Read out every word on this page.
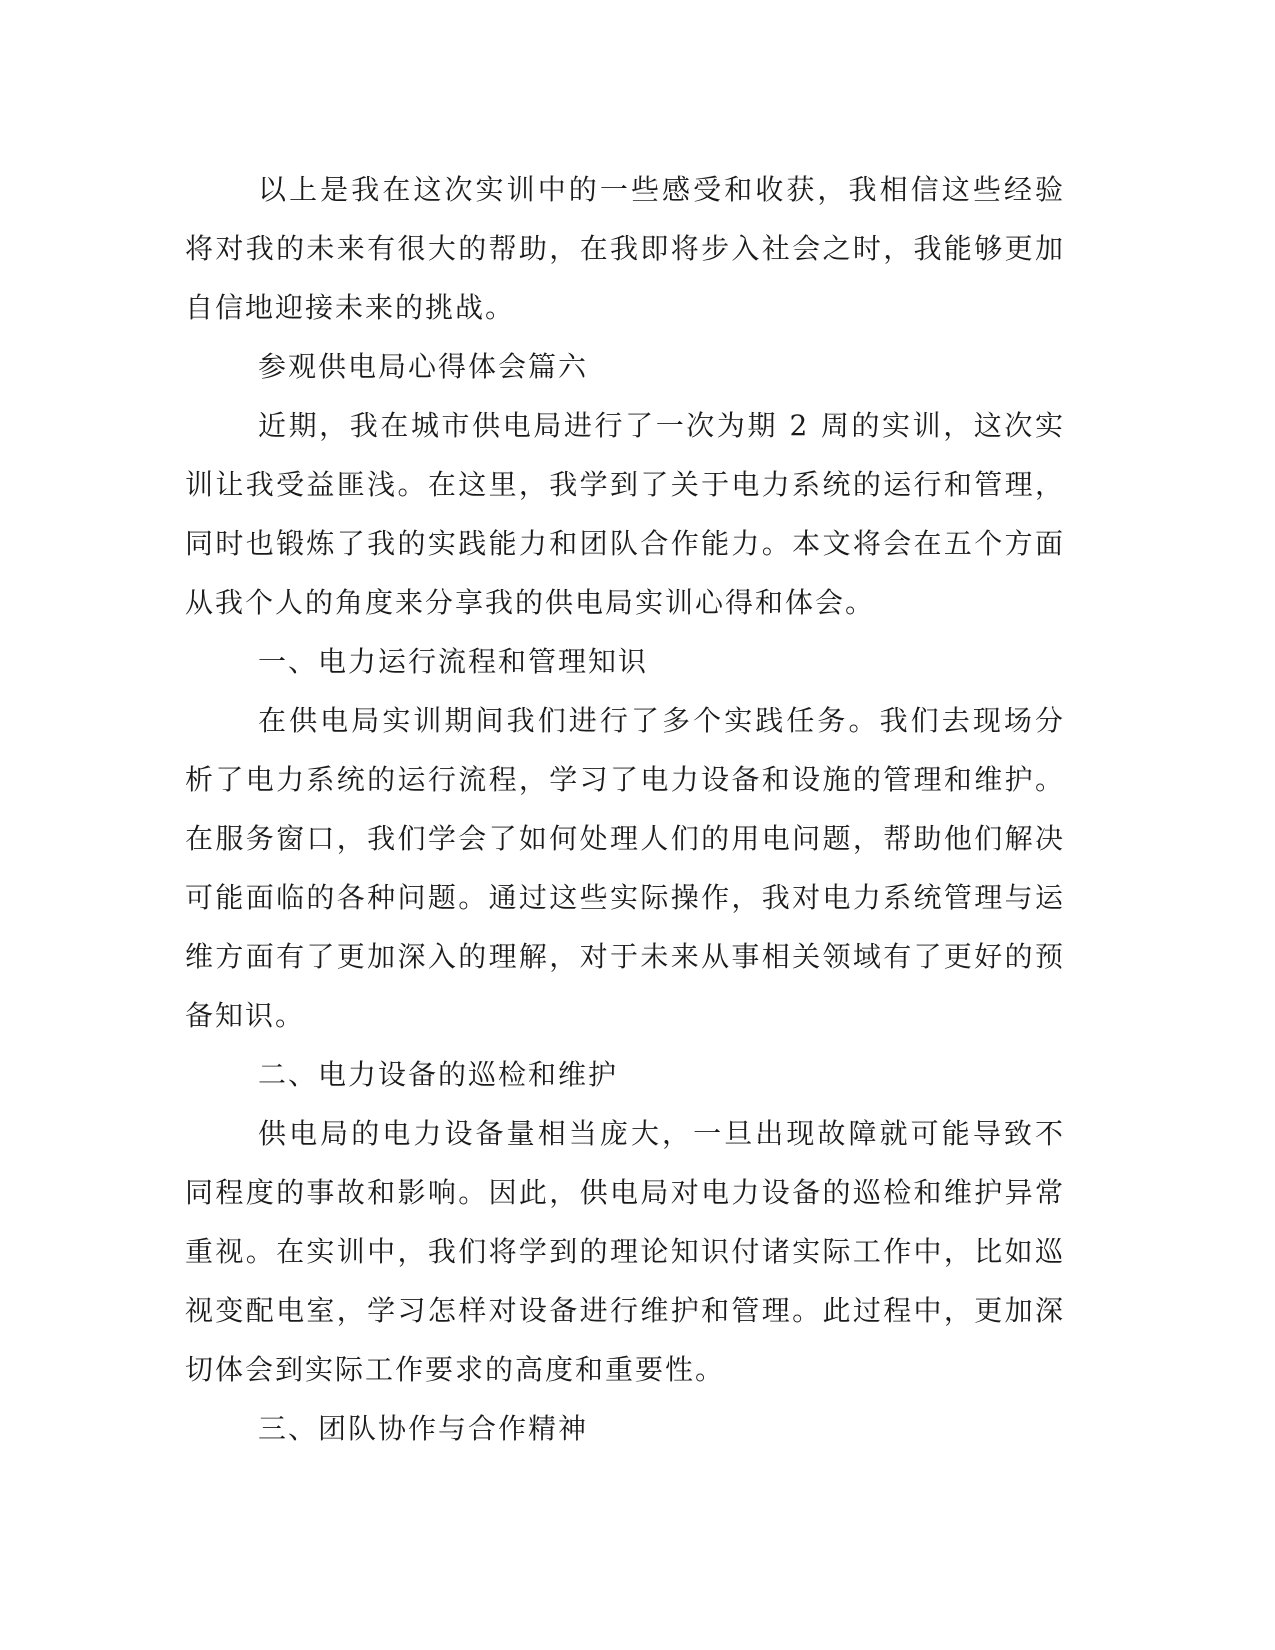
以上是我在这次实训中的一些感受和收获，我相信这些经验将对我的未来有很大的帮助，在我即将步入社会之时，我能够更加自信地迎接未来的挑战。

参观供电局心得体会篇六

近期，我在城市供电局进行了一次为期 2 周的实训，这次实训让我受益匪浅。在这里，我学到了关于电力系统的运行和管理，同时也锻炼了我的实践能力和团队合作能力。本文将会在五个方面从我个人的角度来分享我的供电局实训心得和体会。

一、电力运行流程和管理知识

在供电局实训期间我们进行了多个实践任务。我们去现场分析了电力系统的运行流程，学习了电力设备和设施的管理和维护。在服务窗口，我们学会了如何处理人们的用电问题，帮助他们解决可能面临的各种问题。通过这些实际操作，我对电力系统管理与运维方面有了更加深入的理解，对于未来从事相关领域有了更好的预备知识。

二、电力设备的巡检和维护

供电局的电力设备量相当庞大，一旦出现故障就可能导致不同程度的事故和影响。因此，供电局对电力设备的巡检和维护异常重视。在实训中，我们将学到的理论知识付诸实际工作中，比如巡视变配电室，学习怎样对设备进行维护和管理。此过程中，更加深切体会到实际工作要求的高度和重要性。

三、团队协作与合作精神
